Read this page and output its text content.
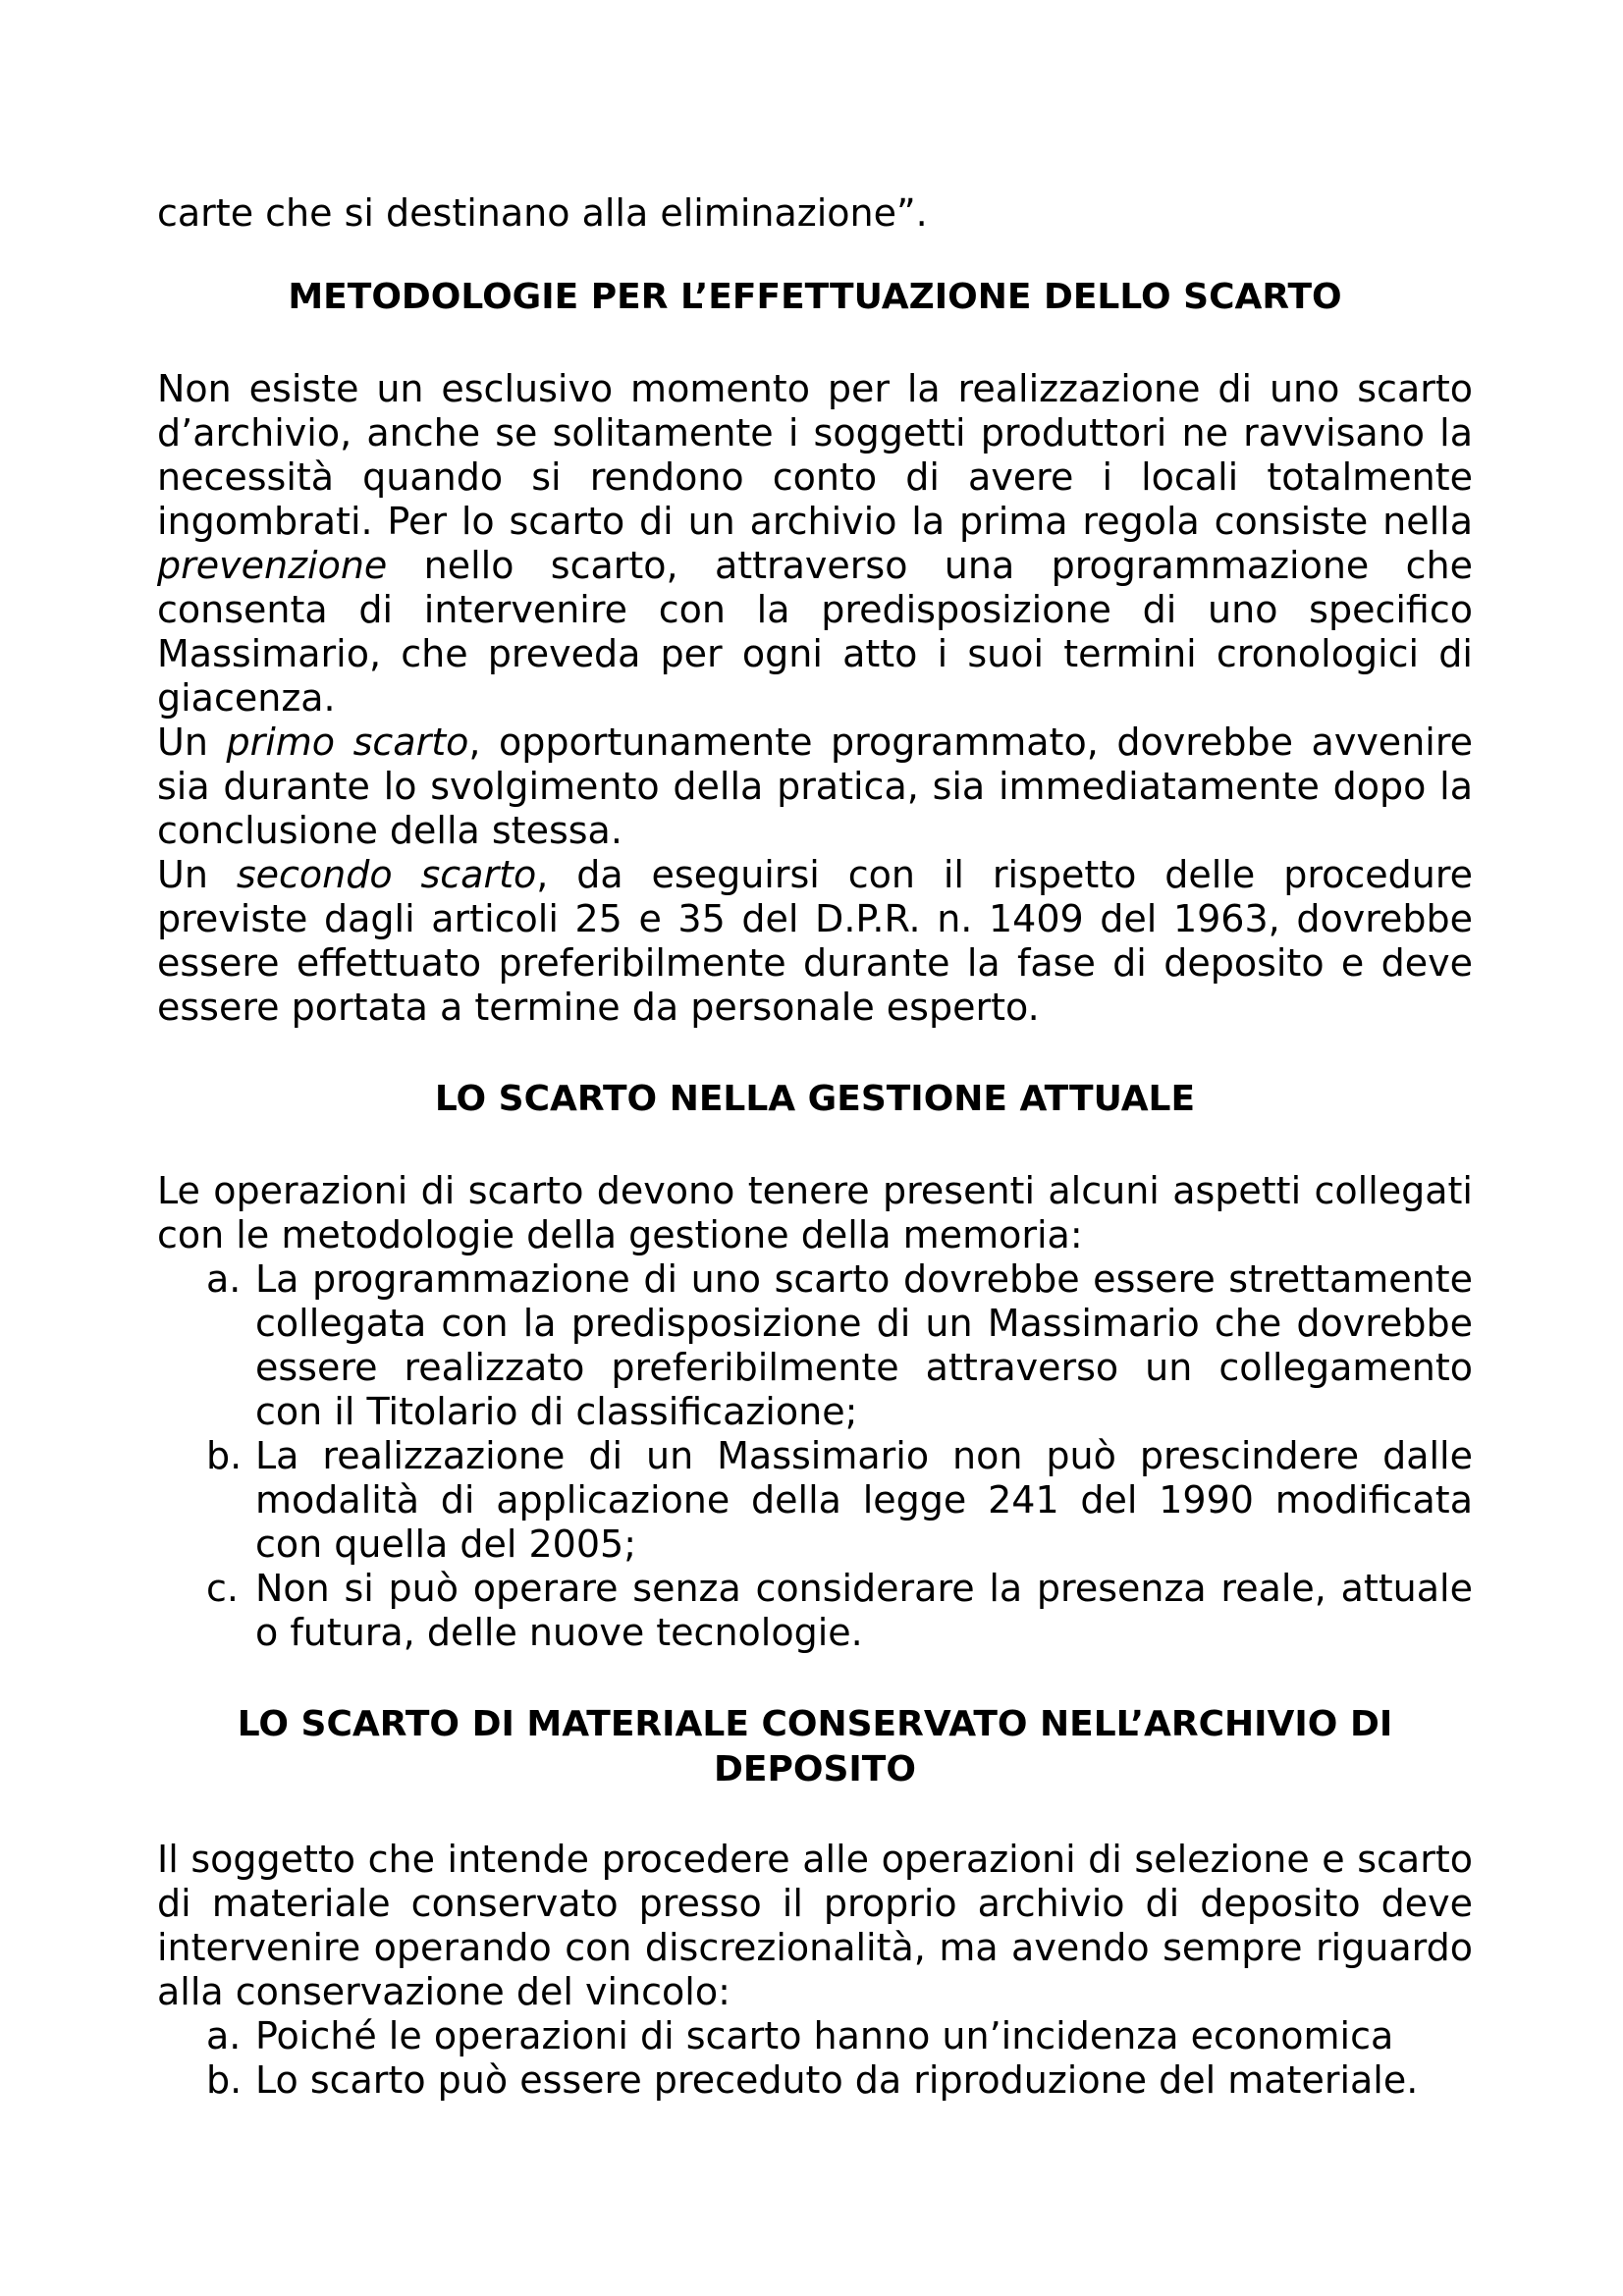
carte che si destinano alla eliminazione”.

METODOLOGIE PER L’EFFETTUAZIONE DELLO SCARTO

Non esiste un esclusivo momento per la realizzazione di uno scarto d’archivio, anche se solitamente i soggetti produttori ne ravvisano la necessità quando si rendono conto di avere i locali totalmente ingombrati. Per lo scarto di un archivio la prima regola consiste nella prevenzione nello scarto, attraverso una programmazione che consenta di intervenire con la predisposizione di uno specifico Massimario, che preveda per ogni atto i suoi termini cronologici di giacenza.

Un primo scarto, opportunamente programmato, dovrebbe avvenire sia durante lo svolgimento della pratica, sia immediatamente dopo la conclusione della stessa.

Un secondo scarto, da eseguirsi con il rispetto delle procedure previste dagli articoli 25 e 35 del D.P.R. n. 1409 del 1963, dovrebbe essere effettuato preferibilmente durante la fase di deposito e deve essere portata a termine da personale esperto.

LO SCARTO NELLA GESTIONE ATTUALE

Le operazioni di scarto devono tenere presenti alcuni aspetti collegati con le metodologie della gestione della memoria:

a. La programmazione di uno scarto dovrebbe essere strettamente collegata con la predisposizione di un Massimario che dovrebbe essere realizzato preferibilmente attraverso un collegamento con il Titolario di classificazione;
b. La realizzazione di un Massimario non può prescindere dalle modalità di applicazione della legge 241 del 1990 modificata con quella del 2005;
c. Non si può operare senza considerare la presenza reale, attuale o futura, delle nuove tecnologie.
LO SCARTO DI MATERIALE CONSERVATO NELL’ARCHIVIO DI DEPOSITO

Il soggetto che intende procedere alle operazioni di selezione e scarto di materiale conservato presso il proprio archivio di deposito deve intervenire operando con discrezionalità, ma avendo sempre riguardo alla conservazione del vincolo:

a. Poiché le operazioni di scarto hanno un’incidenza economica
b. Lo scarto può essere preceduto da riproduzione del materiale.
